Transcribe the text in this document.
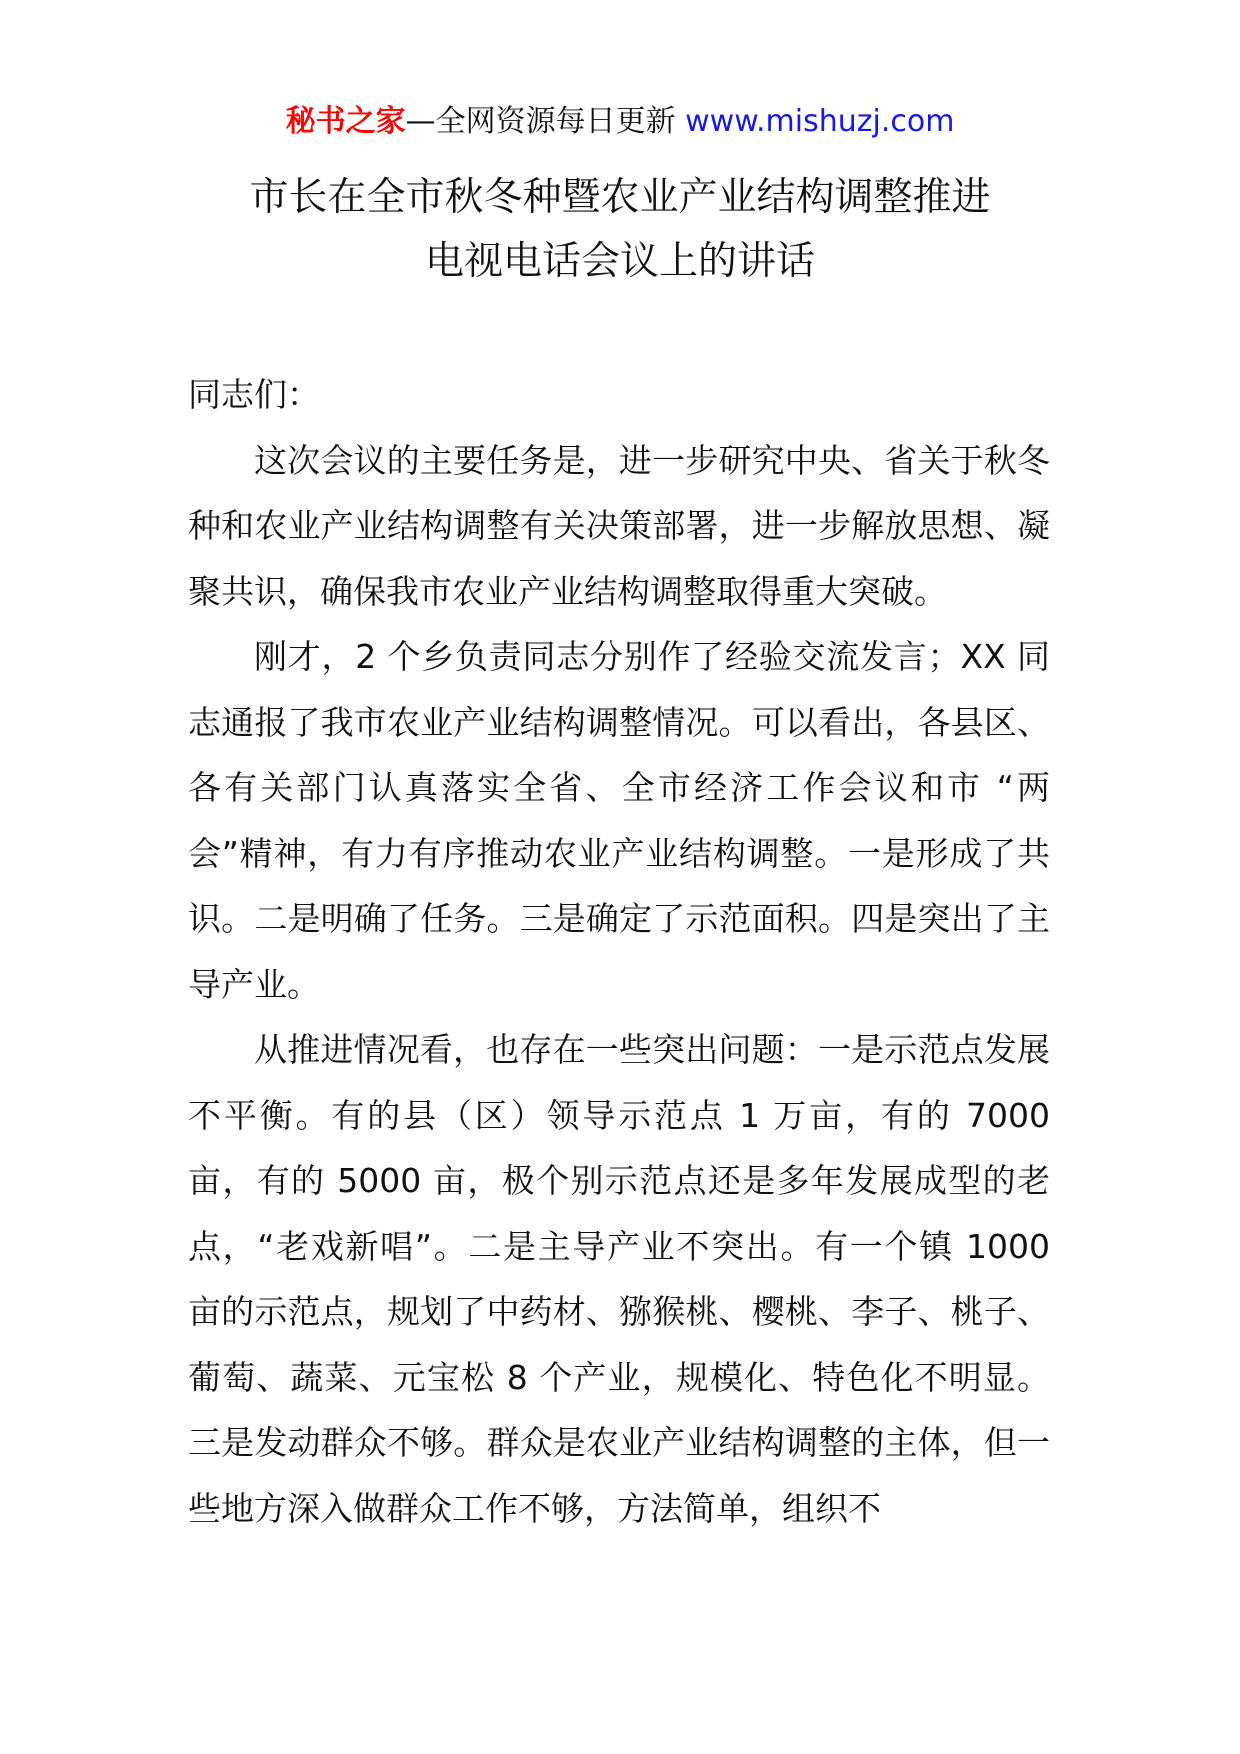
秘书之家—全网资源每日更新 www.mishuzj.com
市长在全市秋冬种暨农业产业结构调整推进
电视电话会议上的讲话

同志们：

这次会议的主要任务是，进一步研究中央、省关于秋冬种和农业产业结构调整有关决策部署，进一步解放思想、凝聚共识，确保我市农业产业结构调整取得重大突破。

刚才，2 个乡负责同志分别作了经验交流发言；XX 同志通报了我市农业产业结构调整情况。可以看出，各县区、各有关部门认真落实全省、全市经济工作会议和市 “两会”精神，有力有序推动农业产业结构调整。一是形成了共识。二是明确了任务。三是确定了示范面积。四是突出了主导产业。

从推进情况看，也存在一些突出问题：一是示范点发展不平衡。有的县（区）领导示范点 1 万亩，有的 7000 亩，有的 5000 亩，极个别示范点还是多年发展成型的老点，“老戏新唱”。二是主导产业不突出。有一个镇 1000 亩的示范点，规划了中药材、猕猴桃、樱桃、李子、桃子、葡萄、蔬菜、元宝松 8 个产业，规模化、特色化不明显。三是发动群众不够。群众是农业产业结构调整的主体，但一些地方深入做群众工作不够，方法简单，组织不
